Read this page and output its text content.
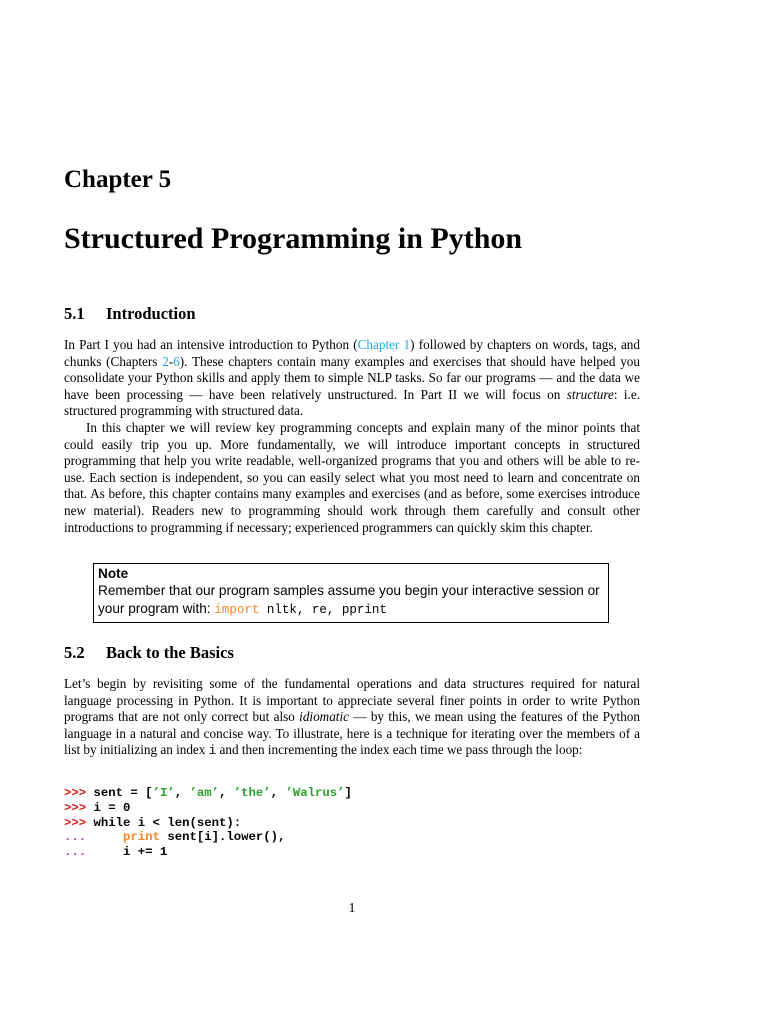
Chapter 5
Structured Programming in Python
5.1 Introduction

In Part I you had an intensive introduction to Python (Chapter 1) followed by chapters on words, tags, and chunks (Chapters 2-6). These chapters contain many examples and exercises that should have helped you consolidate your Python skills and apply them to simple NLP tasks. So far our programs — and the data we have been processing — have been relatively unstructured. In Part II we will focus on structure: i.e. structured programming with structured data.

In this chapter we will review key programming concepts and explain many of the minor points that could easily trip you up. More fundamentally, we will introduce important concepts in structured programming that help you write readable, well-organized programs that you and others will be able to re-use. Each section is independent, so you can easily select what you most need to learn and concentrate on that. As before, this chapter contains many examples and exercises (and as before, some exercises introduce new material). Readers new to programming should work through them carefully and consult other introductions to programming if necessary; experienced programmers can quickly skim this chapter.

Note
Remember that our program samples assume you begin your interactive session or your program with: import nltk, re, pprint
5.2 Back to the Basics

Let’s begin by revisiting some of the fundamental operations and data structures required for natural language processing in Python. It is important to appreciate several finer points in order to write Python programs that are not only correct but also idiomatic — by this, we mean using the features of the Python language in a natural and concise way. To illustrate, here is a technique for iterating over the members of a list by initializing an index i and then incrementing the index each time we pass through the loop:

>>> sent = [’I’, ’am’, ’the’, ’Walrus’]
>>> i = 0
>>> while i < len(sent):
...	print sent[i].lower(),
...     i += 1
1
